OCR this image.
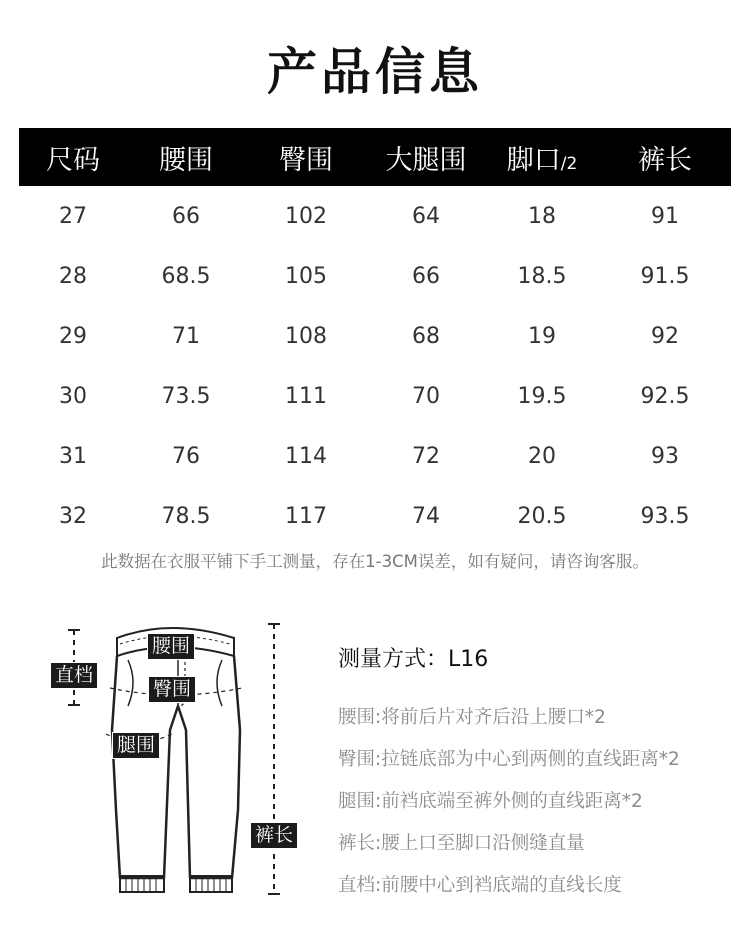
产品信息
尺码	腰围	臀围	大腿围	脚口/2	裤长
27	66	102	64	18	91
28	68.5	105	66	18.5	91.5
29	71	108	68	19	92
30	73.5	111	70	19.5	92.5
31	76	114	72	20	93
32	78.5	117	74	20.5	93.5
此数据在衣服平铺下手工测量，存在1-3CM误差，如有疑问，请咨询客服。
腰围
直档
臀围
腿围
裤长
测量方式：L16
腰围:将前后片对齐后沿上腰口*2
臀围:拉链底部为中心到两侧的直线距离*2
腿围:前裆底端至裤外侧的直线距离*2
裤长:腰上口至脚口沿侧缝直量
直档:前腰中心到裆底端的直线长度
